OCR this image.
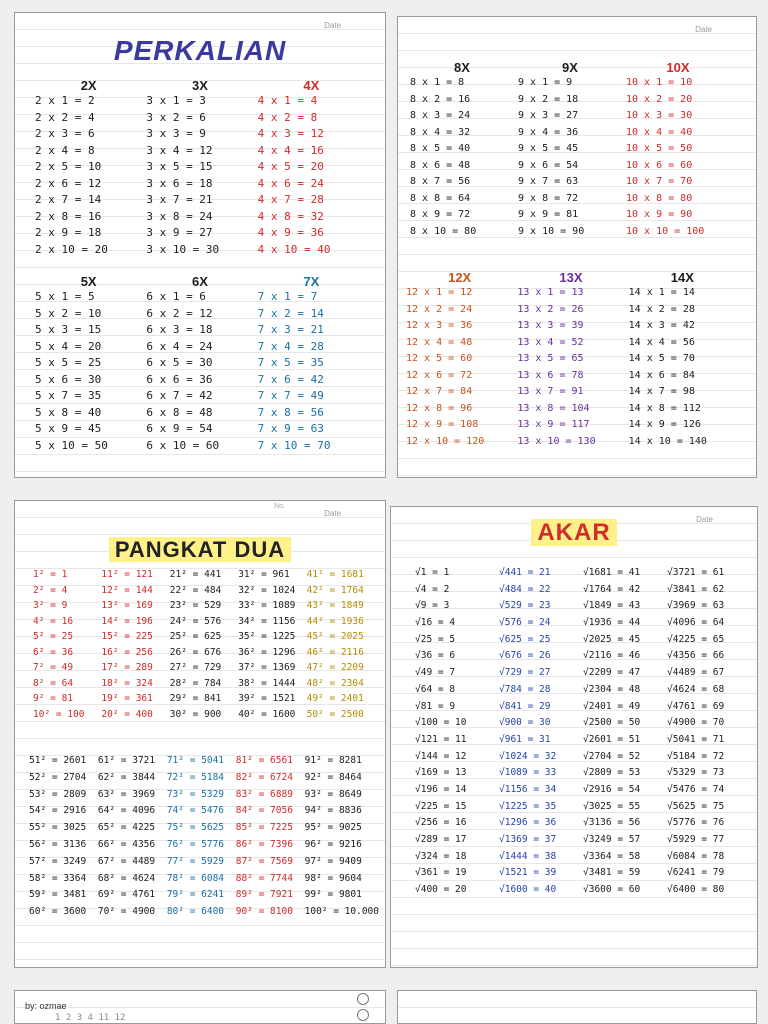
Date
PERKALIAN
2X
2 x 1 = 2
2 x 2 = 4
2 x 3 = 6
2 x 4 = 8
2 x 5 = 10
2 x 6 = 12
2 x 7 = 14
2 x 8 = 16
2 x 9 = 18
2 x 10 = 20
3X
3 x 1 = 3
3 x 2 = 6
3 x 3 = 9
3 x 4 = 12
3 x 5 = 15
3 x 6 = 18
3 x 7 = 21
3 x 8 = 24
3 x 9 = 27
3 x 10 = 30
4X
4 x 1 = 4
4 x 2 = 8
4 x 3 = 12
4 x 4 = 16
4 x 5 = 20
4 x 6 = 24
4 x 7 = 28
4 x 8 = 32
4 x 9 = 36
4 x 10 = 40
5X
5 x 1 = 5
5 x 2 = 10
5 x 3 = 15
5 x 4 = 20
5 x 5 = 25
5 x 6 = 30
5 x 7 = 35
5 x 8 = 40
5 x 9 = 45
5 x 10 = 50
6X
6 x 1 = 6
6 x 2 = 12
6 x 3 = 18
6 x 4 = 24
6 x 5 = 30
6 x 6 = 36
6 x 7 = 42
6 x 8 = 48
6 x 9 = 54
6 x 10 = 60
7X
7 x 1 = 7
7 x 2 = 14
7 x 3 = 21
7 x 4 = 28
7 x 5 = 35
7 x 6 = 42
7 x 7 = 49
7 x 8 = 56
7 x 9 = 63
7 x 10 = 70
Date
8X
8 x 1 = 8
8 x 2 = 16
8 x 3 = 24
8 x 4 = 32
8 x 5 = 40
8 x 6 = 48
8 x 7 = 56
8 x 8 = 64
8 x 9 = 72
8 x 10 = 80
9X
9 x 1 = 9
9 x 2 = 18
9 x 3 = 27
9 x 4 = 36
9 x 5 = 45
9 x 6 = 54
9 x 7 = 63
9 x 8 = 72
9 x 9 = 81
9 x 10 = 90
10X
10 x 1 = 10
10 x 2 = 20
10 x 3 = 30
10 x 4 = 40
10 x 5 = 50
10 x 6 = 60
10 x 7 = 70
10 x 8 = 80
10 x 9 = 90
10 x 10 = 100
12X
12 x 1 = 12
12 x 2 = 24
12 x 3 = 36
12 x 4 = 48
12 x 5 = 60
12 x 6 = 72
12 x 7 = 84
12 x 8 = 96
12 x 9 = 108
12 x 10 = 120
13X
13 x 1 = 13
13 x 2 = 26
13 x 3 = 39
13 x 4 = 52
13 x 5 = 65
13 x 6 = 78
13 x 7 = 91
13 x 8 = 104
13 x 9 = 117
13 x 10 = 130
14X
14 x 1 = 14
14 x 2 = 28
14 x 3 = 42
14 x 4 = 56
14 x 5 = 70
14 x 6 = 84
14 x 7 = 98
14 x 8 = 112
14 x 9 = 126
14 x 10 = 140
No.
Date
PANGKAT DUA
1² = 1
2² = 4
3² = 9
4² = 16
5² = 25
6² = 36
7² = 49
8² = 64
9² = 81
10² = 100
11² = 121
12² = 144
13² = 169
14² = 196
15² = 225
16² = 256
17² = 289
18² = 324
19² = 361
20² = 400
21² = 441
22² = 484
23² = 529
24² = 576
25² = 625
26² = 676
27² = 729
28² = 784
29² = 841
30² = 900
31² = 961
32² = 1024
33² = 1089
34² = 1156
35² = 1225
36² = 1296
37² = 1369
38² = 1444
39² = 1521
40² = 1600
41² = 1681
42² = 1764
43² = 1849
44² = 1936
45² = 2025
46² = 2116
47² = 2209
48² = 2304
49² = 2401
50² = 2500
51² = 2601
52² = 2704
53² = 2809
54² = 2916
55² = 3025
56² = 3136
57² = 3249
58² = 3364
59² = 3481
60² = 3600
61² = 3721
62² = 3844
63² = 3969
64² = 4096
65² = 4225
66² = 4356
67² = 4489
68² = 4624
69² = 4761
70² = 4900
71² = 5041
72² = 5184
73² = 5329
74² = 5476
75² = 5625
76² = 5776
77² = 5929
78² = 6084
79² = 6241
80² = 6400
81² = 6561
82² = 6724
83² = 6889
84² = 7056
85² = 7225
86² = 7396
87² = 7569
88² = 7744
89² = 7921
90² = 8100
91² = 8281
92² = 8464
93² = 8649
94² = 8836
95² = 9025
96² = 9216
97² = 9409
98² = 9604
99² = 9801
100² = 10.000
Date
AKAR
√1 = 1
√4 = 2
√9 = 3
√16 = 4
√25 = 5
√36 = 6
√49 = 7
√64 = 8
√81 = 9
√100 = 10
√121 = 11
√144 = 12
√169 = 13
√196 = 14
√225 = 15
√256 = 16
√289 = 17
√324 = 18
√361 = 19
√400 = 20
√441 = 21
√484 = 22
√529 = 23
√576 = 24
√625 = 25
√676 = 26
√729 = 27
√784 = 28
√841 = 29
√900 = 30
√961 = 31
√1024 = 32
√1089 = 33
√1156 = 34
√1225 = 35
√1296 = 36
√1369 = 37
√1444 = 38
√1521 = 39
√1600 = 40
√1681 = 41
√1764 = 42
√1849 = 43
√1936 = 44
√2025 = 45
√2116 = 46
√2209 = 47
√2304 = 48
√2401 = 49
√2500 = 50
√2601 = 51
√2704 = 52
√2809 = 53
√2916 = 54
√3025 = 55
√3136 = 56
√3249 = 57
√3364 = 58
√3481 = 59
√3600 = 60
√3721 = 61
√3841 = 62
√3969 = 63
√4096 = 64
√4225 = 65
√4356 = 66
√4489 = 67
√4624 = 68
√4761 = 69
√4900 = 70
√5041 = 71
√5184 = 72
√5329 = 73
√5476 = 74
√5625 = 75
√5776 = 76
√5929 = 77
√6084 = 78
√6241 = 79
√6400 = 80
by: ozmae
1 2 3 4 11 12
